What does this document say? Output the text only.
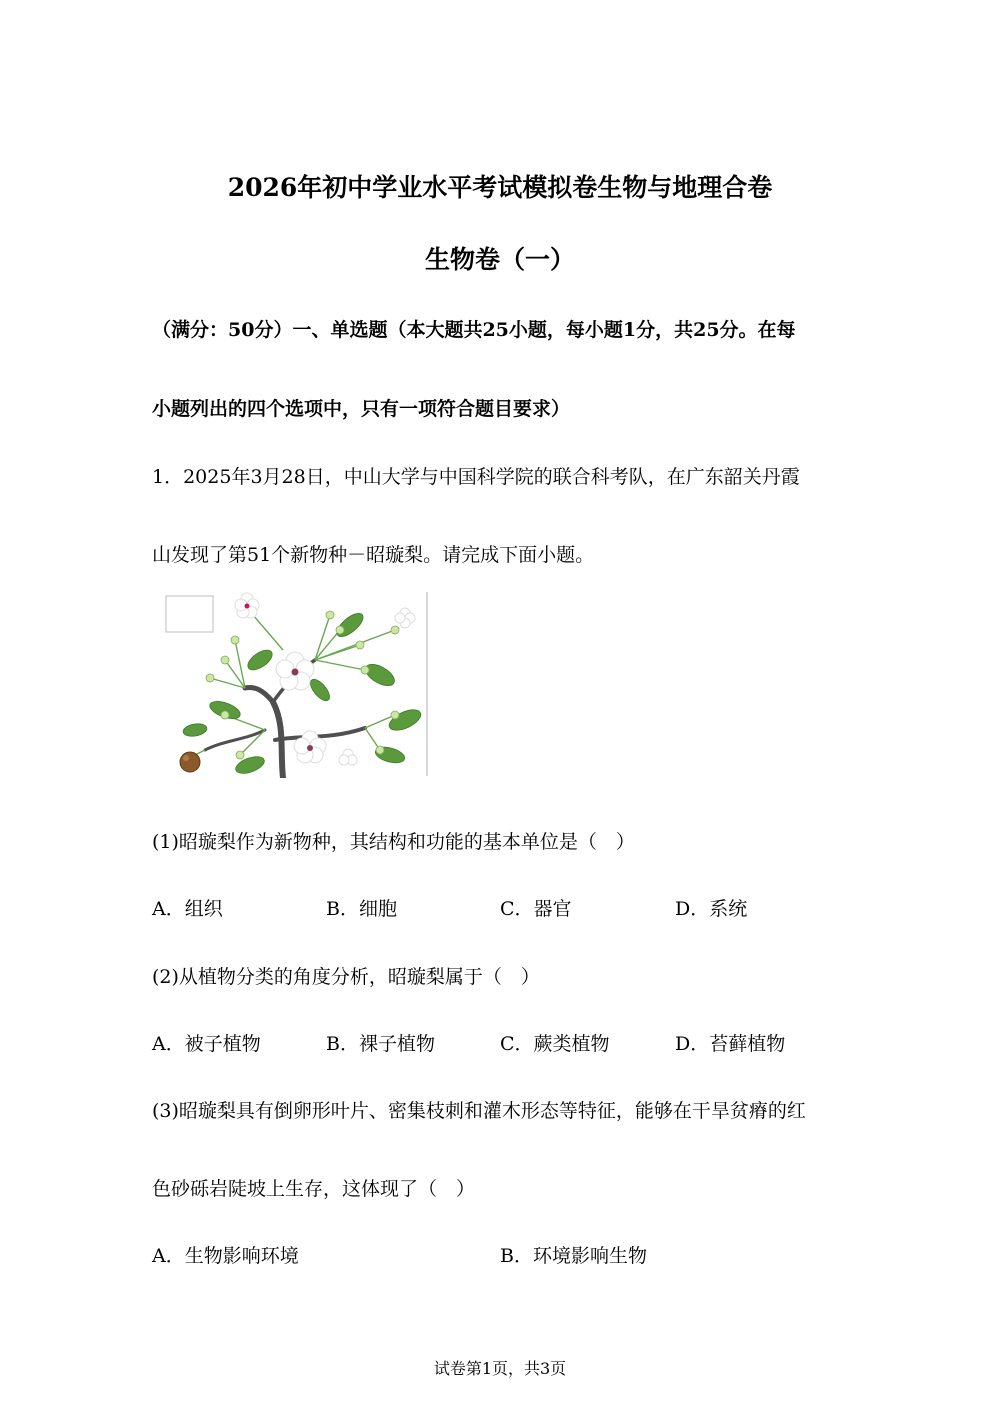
2026年初中学业水平考试模拟卷生物与地理合卷
生物卷（一）
（满分：50分）一、单选题（本大题共25小题，每小题1分，共25分。在每
小题列出的四个选项中，只有一项符合题目要求）
1．2025年3月28日，中山大学与中国科学院的联合科考队，在广东韶关丹霞
山发现了第51个新物种－昭璇梨。请完成下面小题。
(1)昭璇梨作为新物种，其结构和功能的基本单位是（　）
A．组织	B．细胞	C．器官	D．系统
(2)从植物分类的角度分析，昭璇梨属于（　）
A．被子植物	B．裸子植物	C．蕨类植物	D．苔藓植物
(3)昭璇梨具有倒卵形叶片、密集枝刺和灌木形态等特征，能够在干旱贫瘠的红
色砂砾岩陡坡上生存，这体现了（　）
A．生物影响环境	B．环境影响生物
试卷第1页，共3页
